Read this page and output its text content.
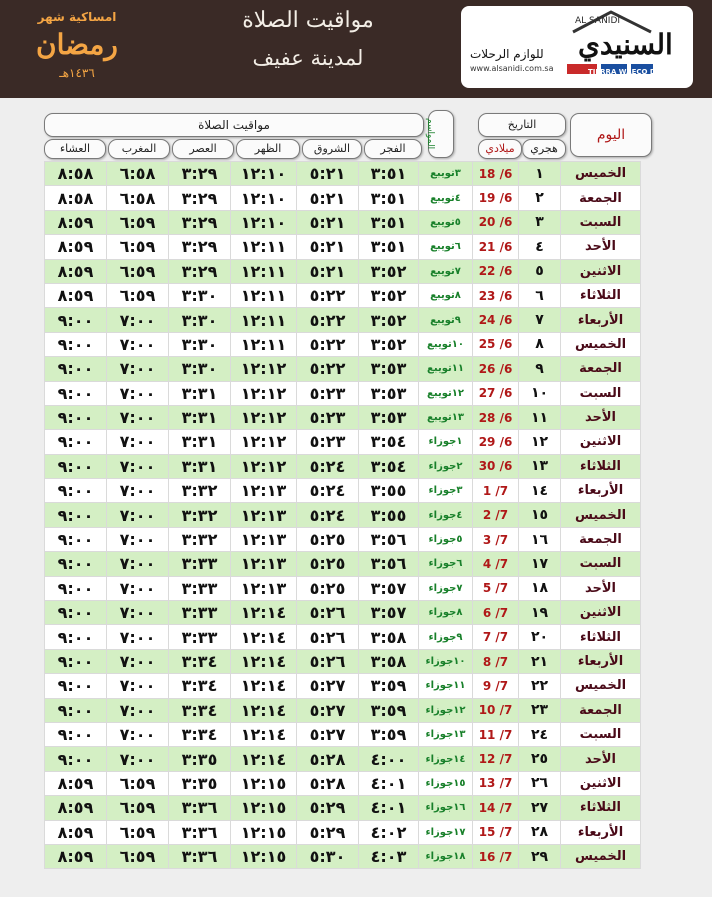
AL SANIDI
السنيدي
للوازم الرحلات
www.alsanidi.com.sa	TIERRA WAECO DPC
مواقيت الصلاة
لمدينة عفيف
امساكية شهر
رمضان
١٤٣٦هـ
اليوم
التاريخ
هجري
ميلادي
المواسم
مواقيت الصلاة
الفجر
الشروق
الظهر
العصر
المغرب
العشاء
٨:٥٨	٦:٥٨	٣:٢٩	١٢:١٠	٥:٢١	٣:٥١	٣تويبع	18 /6	١	الخميس
٨:٥٨	٦:٥٨	٣:٢٩	١٢:١٠	٥:٢١	٣:٥١	٤تويبع	19 /6	٢	الجمعة
٨:٥٩	٦:٥٩	٣:٢٩	١٢:١٠	٥:٢١	٣:٥١	٥تويبع	20 /6	٣	السبت
٨:٥٩	٦:٥٩	٣:٢٩	١٢:١١	٥:٢١	٣:٥١	٦تويبع	21 /6	٤	الأحد
٨:٥٩	٦:٥٩	٣:٢٩	١٢:١١	٥:٢١	٣:٥٢	٧تويبع	22 /6	٥	الاثنين
٨:٥٩	٦:٥٩	٣:٣٠	١٢:١١	٥:٢٢	٣:٥٢	٨تويبع	23 /6	٦	الثلاثاء
٩:٠٠	٧:٠٠	٣:٣٠	١٢:١١	٥:٢٢	٣:٥٢	٩تويبع	24 /6	٧	الأربعاء
٩:٠٠	٧:٠٠	٣:٣٠	١٢:١١	٥:٢٢	٣:٥٢	١٠تويبع	25 /6	٨	الخميس
٩:٠٠	٧:٠٠	٣:٣٠	١٢:١٢	٥:٢٢	٣:٥٣	١١تويبع	26 /6	٩	الجمعة
٩:٠٠	٧:٠٠	٣:٣١	١٢:١٢	٥:٢٣	٣:٥٣	١٢تويبع	27 /6	١٠	السبت
٩:٠٠	٧:٠٠	٣:٣١	١٢:١٢	٥:٢٣	٣:٥٣	١٣تويبع	28 /6	١١	الأحد
٩:٠٠	٧:٠٠	٣:٣١	١٢:١٢	٥:٢٣	٣:٥٤	١جوزاء	29 /6	١٢	الاثنين
٩:٠٠	٧:٠٠	٣:٣١	١٢:١٢	٥:٢٤	٣:٥٤	٢جوزاء	30 /6	١٣	الثلاثاء
٩:٠٠	٧:٠٠	٣:٣٢	١٢:١٣	٥:٢٤	٣:٥٥	٣جوزاء	1 /7	١٤	الأربعاء
٩:٠٠	٧:٠٠	٣:٣٢	١٢:١٣	٥:٢٤	٣:٥٥	٤جوزاء	2 /7	١٥	الخميس
٩:٠٠	٧:٠٠	٣:٣٢	١٢:١٣	٥:٢٥	٣:٥٦	٥جوزاء	3 /7	١٦	الجمعة
٩:٠٠	٧:٠٠	٣:٣٣	١٢:١٣	٥:٢٥	٣:٥٦	٦جوزاء	4 /7	١٧	السبت
٩:٠٠	٧:٠٠	٣:٣٣	١٢:١٣	٥:٢٥	٣:٥٧	٧جوزاء	5 /7	١٨	الأحد
٩:٠٠	٧:٠٠	٣:٣٣	١٢:١٤	٥:٢٦	٣:٥٧	٨جوزاء	6 /7	١٩	الاثنين
٩:٠٠	٧:٠٠	٣:٣٣	١٢:١٤	٥:٢٦	٣:٥٨	٩جوزاء	7 /7	٢٠	الثلاثاء
٩:٠٠	٧:٠٠	٣:٣٤	١٢:١٤	٥:٢٦	٣:٥٨	١٠جوزاء	8 /7	٢١	الأربعاء
٩:٠٠	٧:٠٠	٣:٣٤	١٢:١٤	٥:٢٧	٣:٥٩	١١جوزاء	9 /7	٢٢	الخميس
٩:٠٠	٧:٠٠	٣:٣٤	١٢:١٤	٥:٢٧	٣:٥٩	١٢جوزاء	10 /7	٢٣	الجمعة
٩:٠٠	٧:٠٠	٣:٣٤	١٢:١٤	٥:٢٧	٣:٥٩	١٣جوزاء	11 /7	٢٤	السبت
٩:٠٠	٧:٠٠	٣:٣٥	١٢:١٤	٥:٢٨	٤:٠٠	١٤جوزاء	12 /7	٢٥	الأحد
٨:٥٩	٦:٥٩	٣:٣٥	١٢:١٥	٥:٢٨	٤:٠١	١٥جوزاء	13 /7	٢٦	الاثنين
٨:٥٩	٦:٥٩	٣:٣٦	١٢:١٥	٥:٢٩	٤:٠١	١٦جوزاء	14 /7	٢٧	الثلاثاء
٨:٥٩	٦:٥٩	٣:٣٦	١٢:١٥	٥:٢٩	٤:٠٢	١٧جوزاء	15 /7	٢٨	الأربعاء
٨:٥٩	٦:٥٩	٣:٣٦	١٢:١٥	٥:٣٠	٤:٠٣	١٨جوزاء	16 /7	٢٩	الخميس
